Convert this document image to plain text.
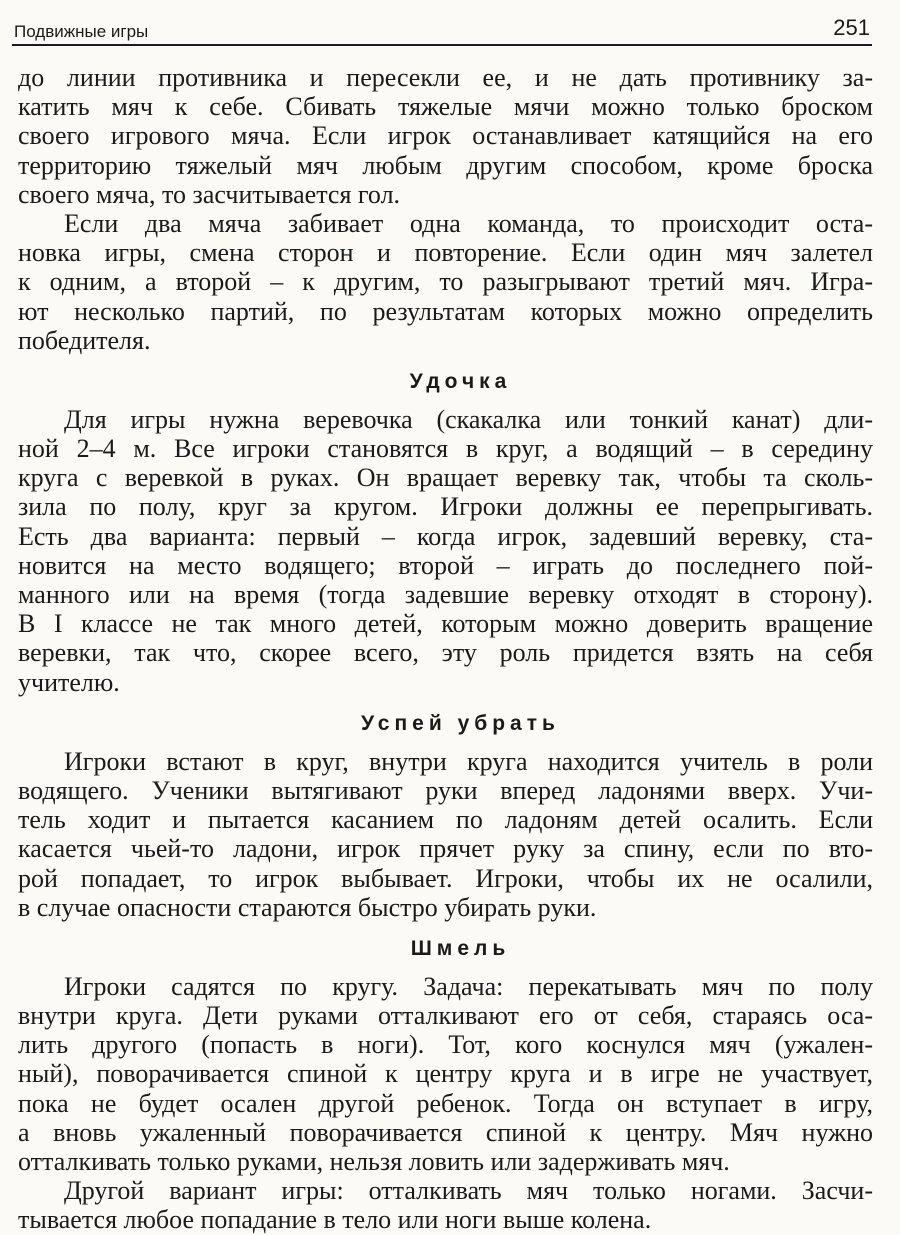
Подвижные игры	251
до линии противника и пересекли ее, и не дать противнику за-
катить мяч к себе. Сбивать тяжелые мячи можно только броском
своего игрового мяча. Если игрок останавливает катящийся на его
территорию тяжелый мяч любым другим способом, кроме броска
своего мяча, то засчитывается гол.
Если два мяча забивает одна команда, то происходит оста-
новка игры, смена сторон и повторение. Если один мяч залетел
к одним, а второй – к другим, то разыгрывают третий мяч. Игра-
ют несколько партий, по результатам которых можно определить
победителя.
Удочка
Для игры нужна веревочка (скакалка или тонкий канат) дли-
ной 2–4 м. Все игроки становятся в круг, а водящий – в середину
круга с веревкой в руках. Он вращает веревку так, чтобы та сколь-
зила по полу, круг за кругом. Игроки должны ее перепрыгивать.
Есть два варианта: первый – когда игрок, задевший веревку, ста-
новится на место водящего; второй – играть до последнего пой-
манного или на время (тогда задевшие веревку отходят в сторону).
В I классе не так много детей, которым можно доверить вращение
веревки, так что, скорее всего, эту роль придется взять на себя
учителю.
Успей убрать
Игроки встают в круг, внутри круга находится учитель в роли
водящего. Ученики вытягивают руки вперед ладонями вверх. Учи-
тель ходит и пытается касанием по ладоням детей осалить. Если
касается чьей-то ладони, игрок прячет руку за спину, если по вто-
рой попадает, то игрок выбывает. Игроки, чтобы их не осалили,
в случае опасности стараются быстро убирать руки.
Шмель
Игроки садятся по кругу. Задача: перекатывать мяч по полу
внутри круга. Дети руками отталкивают его от себя, стараясь оса-
лить другого (попасть в ноги). Тот, кого коснулся мяч (ужален-
ный), поворачивается спиной к центру круга и в игре не участвует,
пока не будет осален другой ребенок. Тогда он вступает в игру,
а вновь ужаленный поворачивается спиной к центру. Мяч нужно
отталкивать только руками, нельзя ловить или задерживать мяч.
Другой вариант игры: отталкивать мяч только ногами. Засчи-
тывается любое попадание в тело или ноги выше колена.
